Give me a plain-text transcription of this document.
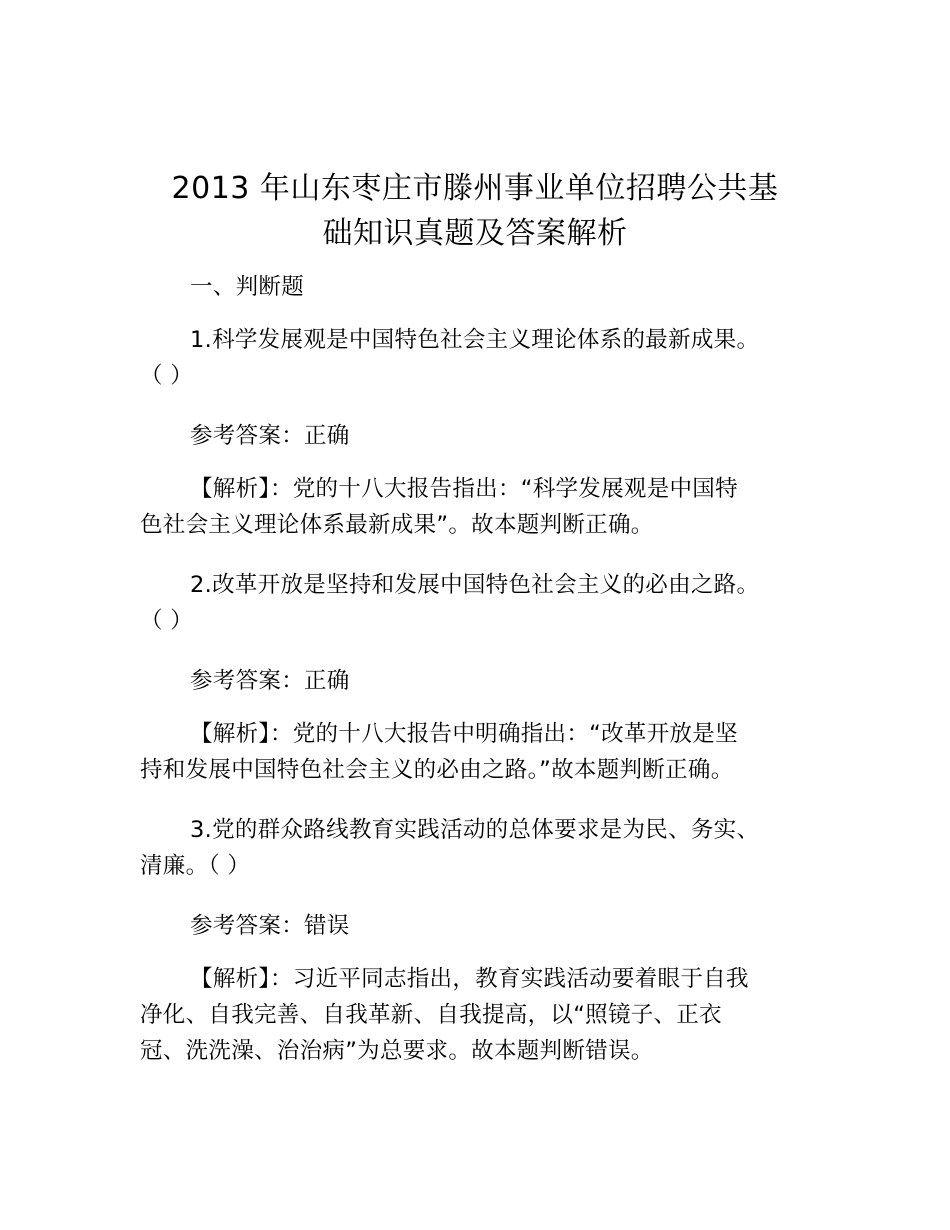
2013 年山东枣庄市滕州事业单位招聘公共基
础知识真题及答案解析
一、判断题
1.科学发展观是中国特色社会主义理论体系的最新成果。
（ ）
参考答案：正确
【解析】：党的十八大报告指出：“科学发展观是中国特
色社会主义理论体系最新成果”。故本题判断正确。
2.改革开放是坚持和发展中国特色社会主义的必由之路。
（ ）
参考答案：正确
【解析】：党的十八大报告中明确指出：“改革开放是坚
持和发展中国特色社会主义的必由之路。”故本题判断正确。
3.党的群众路线教育实践活动的总体要求是为民、务实、
清廉。（ ）
参考答案：错误
【解析】：习近平同志指出，教育实践活动要着眼于自我
净化、自我完善、自我革新、自我提高，以“照镜子、正衣
冠、洗洗澡、治治病”为总要求。故本题判断错误。
